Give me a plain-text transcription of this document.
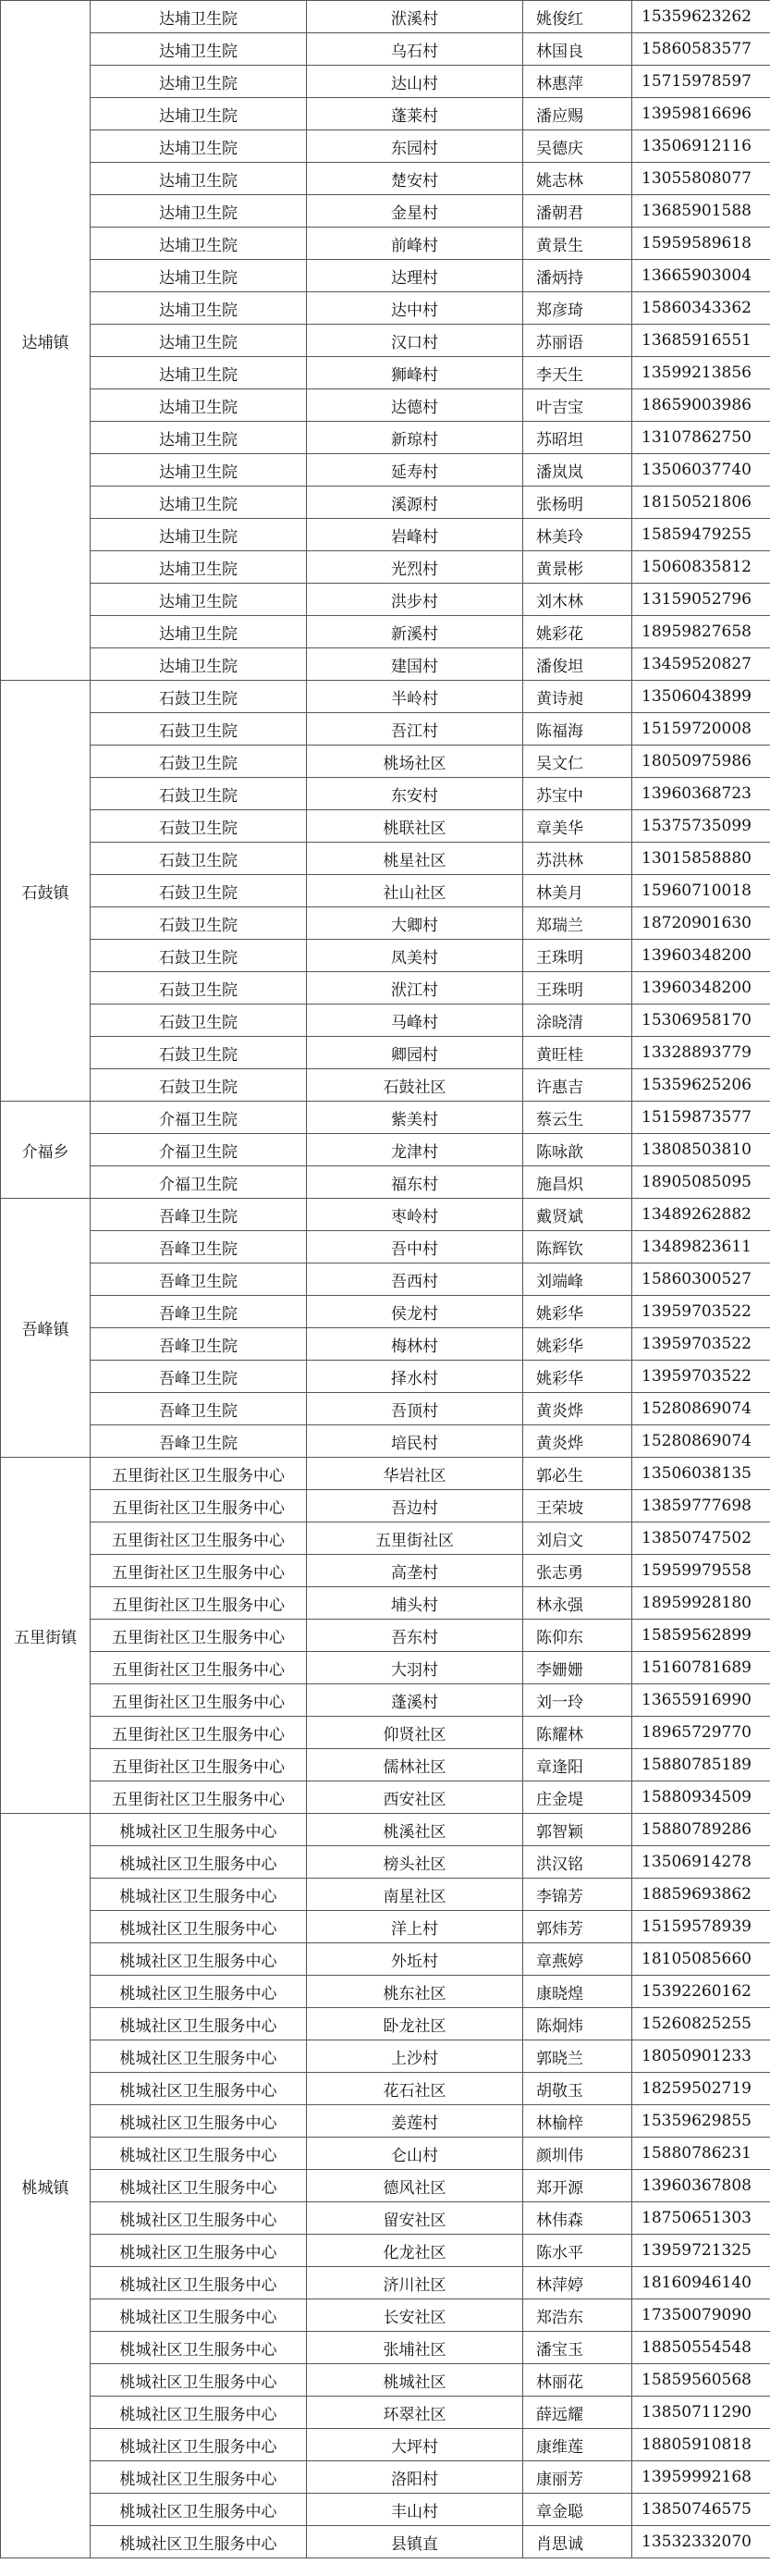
达埔镇	达埔卫生院	洑溪村	姚俊红	15359623262
	达埔卫生院	乌石村	林国良	15860583577
	达埔卫生院	达山村	林惠萍	15715978597
	达埔卫生院	蓬莱村	潘应赐	13959816696
	达埔卫生院	东园村	吴德庆	13506912116
	达埔卫生院	楚安村	姚志林	13055808077
	达埔卫生院	金星村	潘朝君	13685901588
	达埔卫生院	前峰村	黄景生	15959589618
	达埔卫生院	达理村	潘炳持	13665903004
	达埔卫生院	达中村	郑彦琦	15860343362
	达埔卫生院	汉口村	苏丽语	13685916551
	达埔卫生院	狮峰村	李天生	13599213856
	达埔卫生院	达德村	叶吉宝	18659003986
	达埔卫生院	新琼村	苏昭坦	13107862750
	达埔卫生院	延寿村	潘岚岚	13506037740
	达埔卫生院	溪源村	张杨明	18150521806
	达埔卫生院	岩峰村	林美玲	15859479255
	达埔卫生院	光烈村	黄景彬	15060835812
	达埔卫生院	洪步村	刘木林	13159052796
	达埔卫生院	新溪村	姚彩花	18959827658
	达埔卫生院	建国村	潘俊坦	13459520827
石鼓镇	石鼓卫生院	半岭村	黄诗昶	13506043899
	石鼓卫生院	吾江村	陈福海	15159720008
	石鼓卫生院	桃场社区	吴文仁	18050975986
	石鼓卫生院	东安村	苏宝中	13960368723
	石鼓卫生院	桃联社区	章美华	15375735099
	石鼓卫生院	桃星社区	苏洪林	13015858880
	石鼓卫生院	社山社区	林美月	15960710018
	石鼓卫生院	大卿村	郑瑞兰	18720901630
	石鼓卫生院	凤美村	王珠明	13960348200
	石鼓卫生院	洑江村	王珠明	13960348200
	石鼓卫生院	马峰村	涂晓清	15306958170
	石鼓卫生院	卿园村	黄旺桂	13328893779
	石鼓卫生院	石鼓社区	许惠吉	15359625206
介福乡	介福卫生院	紫美村	蔡云生	15159873577
	介福卫生院	龙津村	陈咏歆	13808503810
	介福卫生院	福东村	施昌炽	18905085095
吾峰镇	吾峰卫生院	枣岭村	戴贤斌	13489262882
	吾峰卫生院	吾中村	陈辉钦	13489823611
	吾峰卫生院	吾西村	刘端峰	15860300527
	吾峰卫生院	侯龙村	姚彩华	13959703522
	吾峰卫生院	梅林村	姚彩华	13959703522
	吾峰卫生院	择水村	姚彩华	13959703522
	吾峰卫生院	吾顶村	黄炎烨	15280869074
	吾峰卫生院	培民村	黄炎烨	15280869074
五里街镇	五里街社区卫生服务中心	华岩社区	郭必生	13506038135
	五里街社区卫生服务中心	吾边村	王荣坡	13859777698
	五里街社区卫生服务中心	五里街社区	刘启文	13850747502
	五里街社区卫生服务中心	高垄村	张志勇	15959979558
	五里街社区卫生服务中心	埔头村	林永强	18959928180
	五里街社区卫生服务中心	吾东村	陈仰东	15859562899
	五里街社区卫生服务中心	大羽村	李姗姗	15160781689
	五里街社区卫生服务中心	蓬溪村	刘一玲	13655916990
	五里街社区卫生服务中心	仰贤社区	陈耀林	18965729770
	五里街社区卫生服务中心	儒林社区	章逢阳	15880785189
	五里街社区卫生服务中心	西安社区	庄金堤	15880934509
桃城镇	桃城社区卫生服务中心	桃溪社区	郭智颖	15880789286
	桃城社区卫生服务中心	榜头社区	洪汉铭	13506914278
	桃城社区卫生服务中心	南星社区	李锦芳	18859693862
	桃城社区卫生服务中心	洋上村	郭炜芳	15159578939
	桃城社区卫生服务中心	外坵村	章燕婷	18105085660
	桃城社区卫生服务中心	桃东社区	康晓煌	15392260162
	桃城社区卫生服务中心	卧龙社区	陈炯炜	15260825255
	桃城社区卫生服务中心	上沙村	郭晓兰	18050901233
	桃城社区卫生服务中心	花石社区	胡敬玉	18259502719
	桃城社区卫生服务中心	姜莲村	林榆梓	15359629855
	桃城社区卫生服务中心	仑山村	颜圳伟	15880786231
	桃城社区卫生服务中心	德风社区	郑开源	13960367808
	桃城社区卫生服务中心	留安社区	林伟森	18750651303
	桃城社区卫生服务中心	化龙社区	陈水平	13959721325
	桃城社区卫生服务中心	济川社区	林萍婷	18160946140
	桃城社区卫生服务中心	长安社区	郑浩东	17350079090
	桃城社区卫生服务中心	张埔社区	潘宝玉	18850554548
	桃城社区卫生服务中心	桃城社区	林丽花	15859560568
	桃城社区卫生服务中心	环翠社区	薛远耀	13850711290
	桃城社区卫生服务中心	大坪村	康维莲	18805910818
	桃城社区卫生服务中心	洛阳村	康丽芳	13959992168
	桃城社区卫生服务中心	丰山村	章金聪	13850746575
	桃城社区卫生服务中心	县镇直	肖思诚	13532332070
